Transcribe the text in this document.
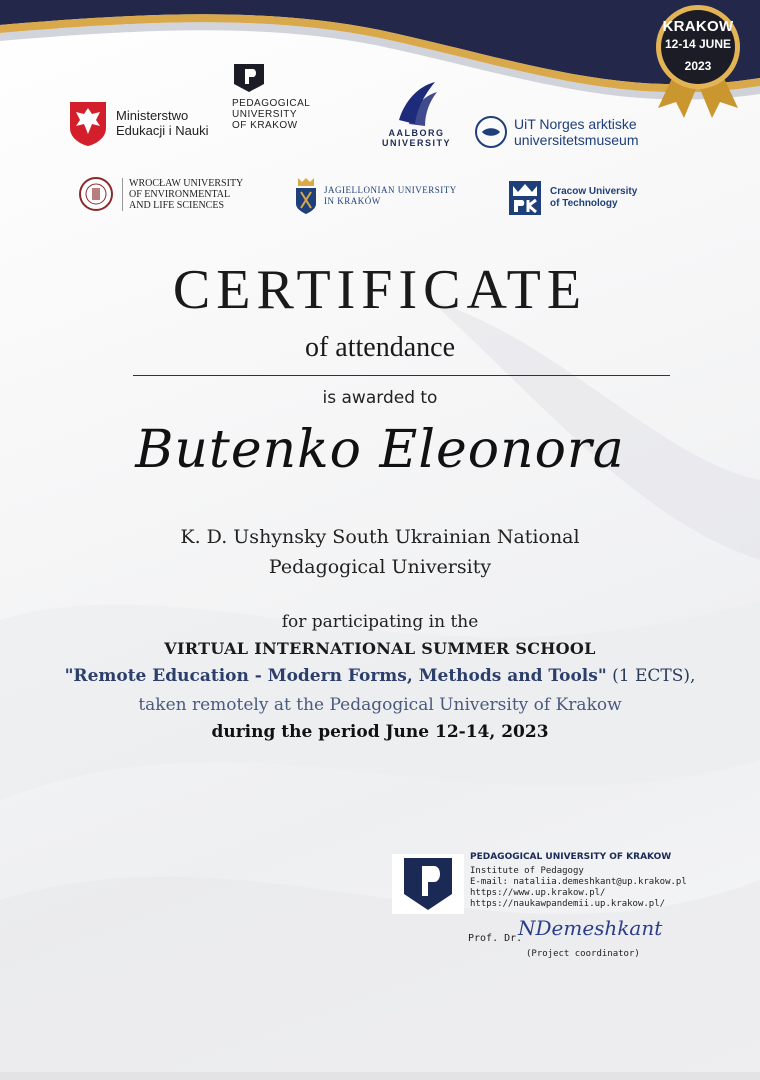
KRAKOW
12-14 JUNE
2023
Ministerstwo
Edukacji i Nauki
PEDAGOGICAL
UNIVERSITY
OF KRAKOW
AALBORG
UNIVERSITY
UiT Norges arktiske
universitetsmuseum
WROCŁAW UNIVERSITY
OF ENVIRONMENTAL
AND LIFE SCIENCES
JAGIELLONIAN UNIVERSITY
IN KRAKÓW
Cracow University
of Technology
CERTIFICATE
of attendance
is awarded to
Butenko Eleonora
K. D. Ushynsky South Ukrainian National Pedagogical University
for participating in the
VIRTUAL INTERNATIONAL SUMMER SCHOOL
"Remote Education - Modern Forms, Methods and Tools" (1 ECTS),
taken remotely at the Pedagogical University of Krakow
during the period June 12-14, 2023
PEDAGOGICAL UNIVERSITY OF KRAKOW
Institute of Pedagogy
E-mail: nataliia.demeshkant@up.krakow.pl
https://www.up.krakow.pl/
https://naukawpandemii.up.krakow.pl/
Prof. Dr.
NDemeshkant
(Project coordinator)
